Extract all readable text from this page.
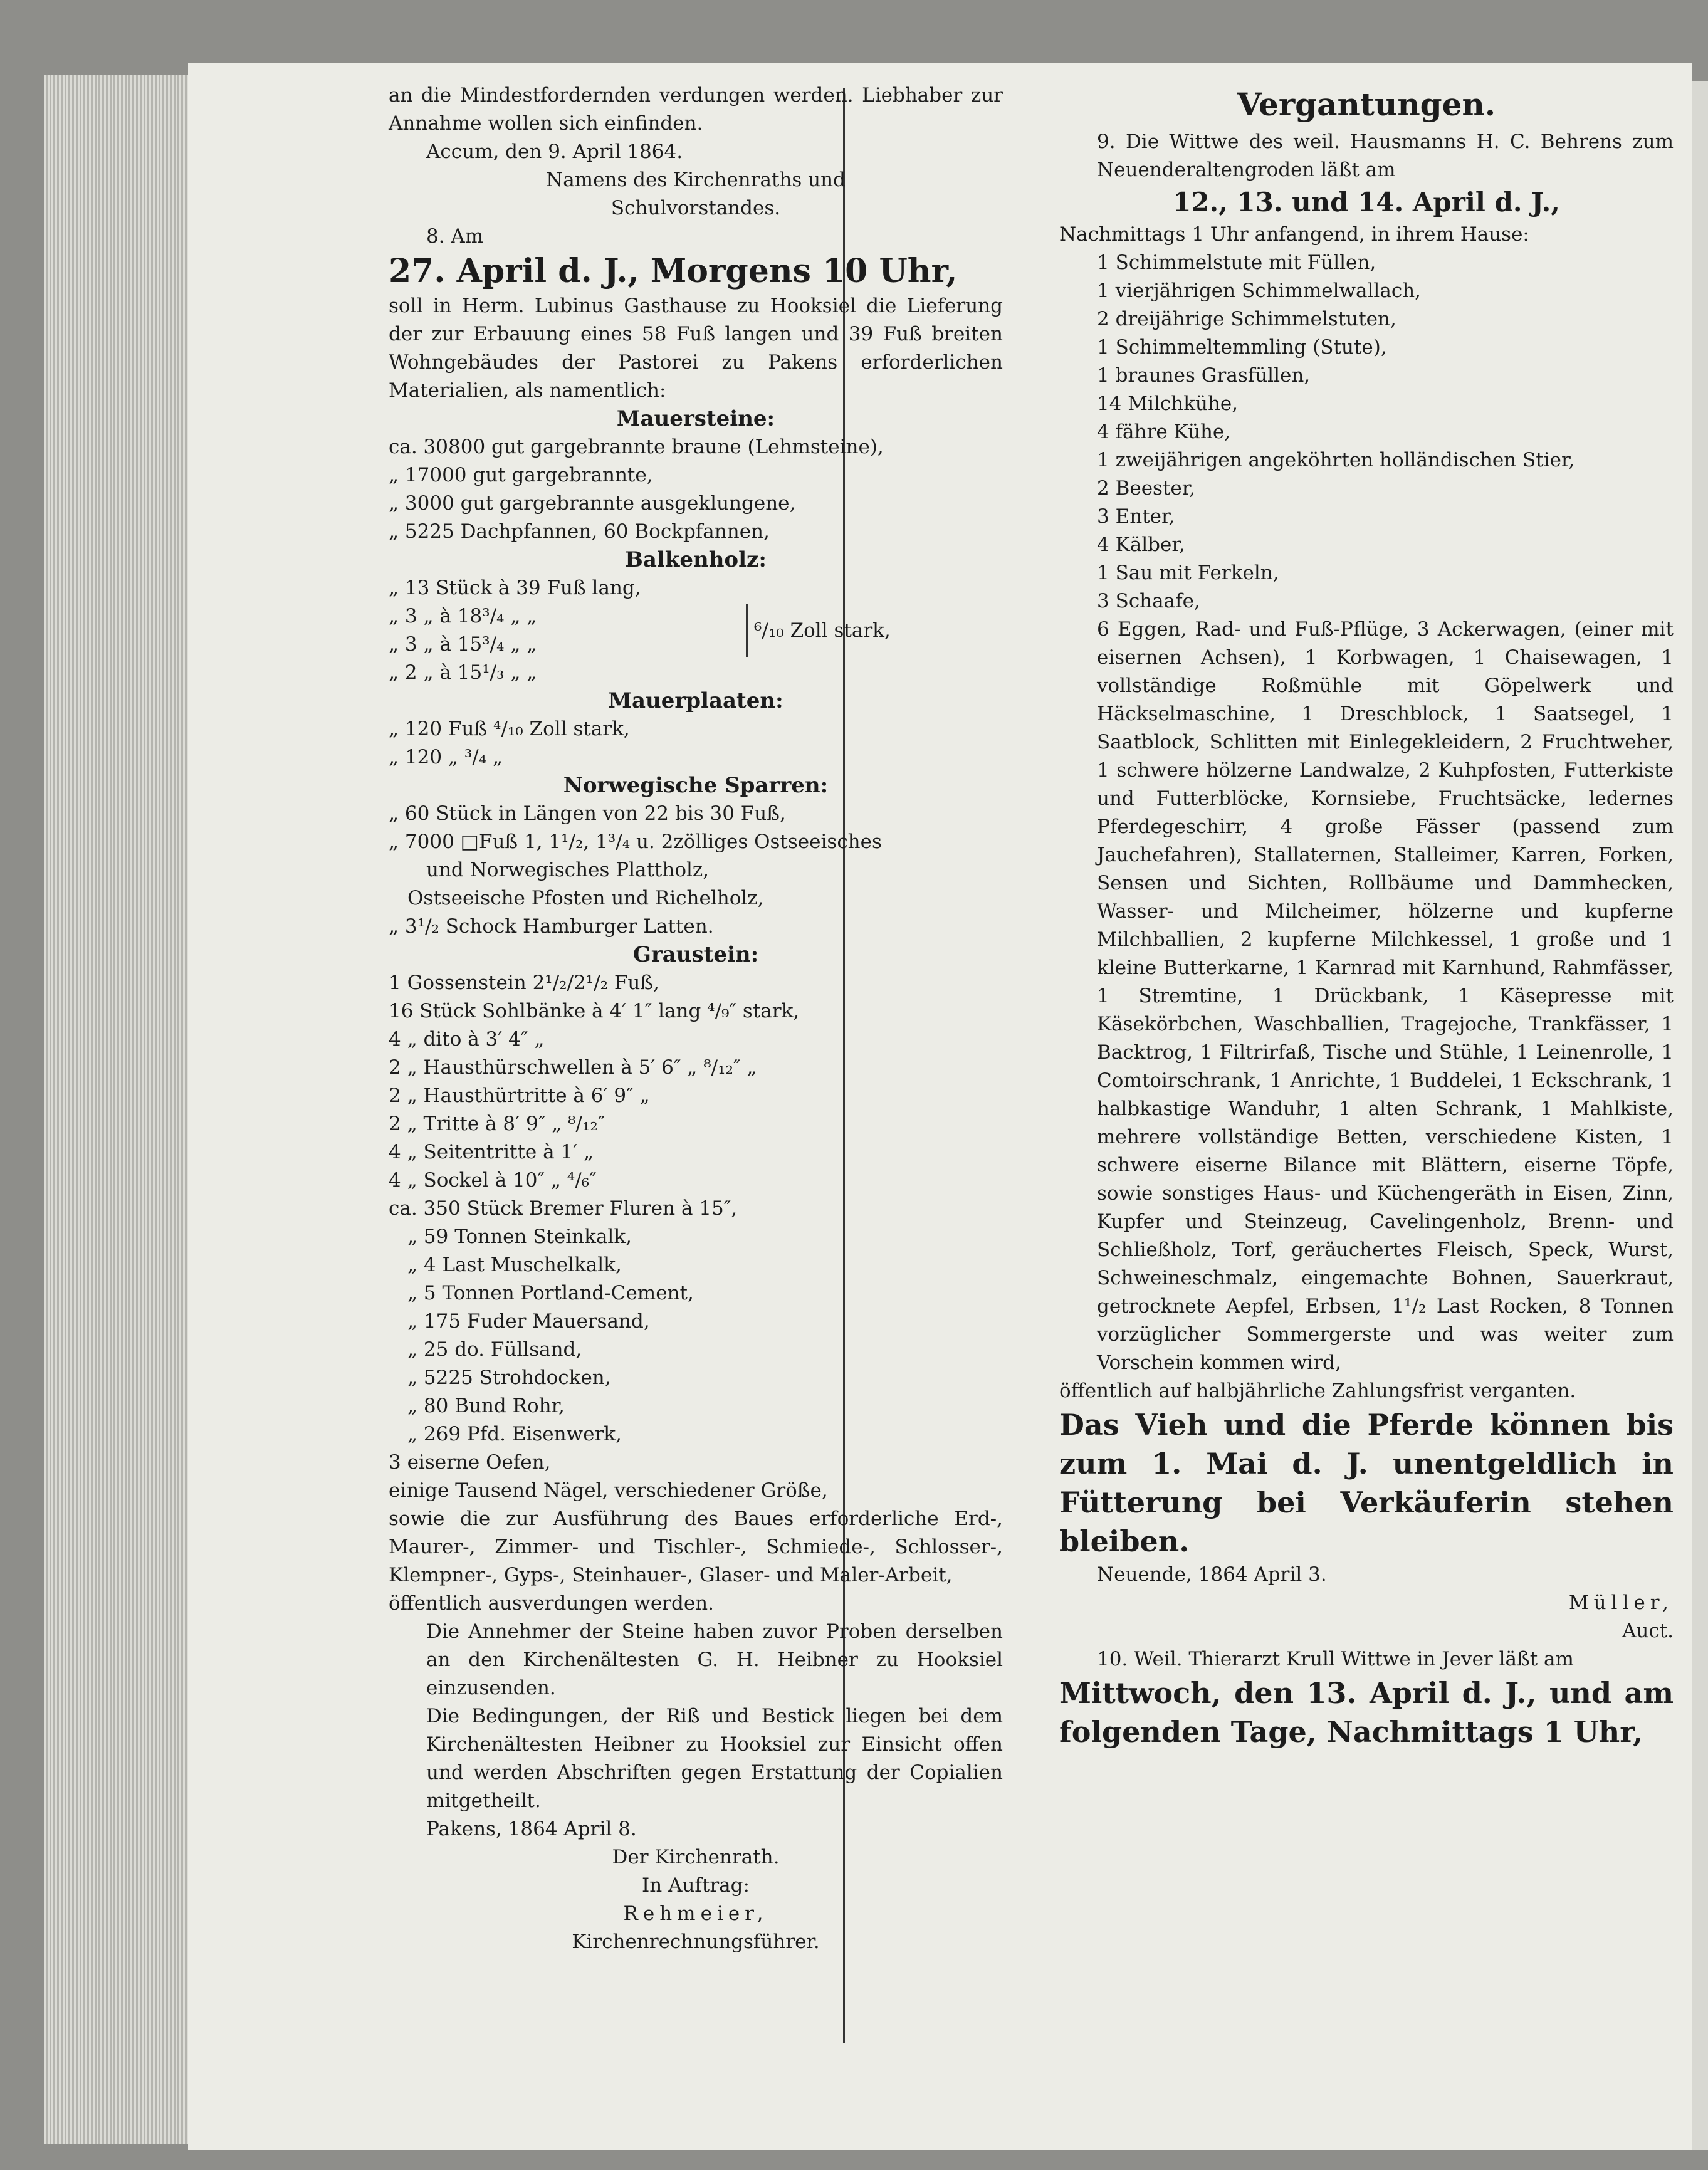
an die Mindestfordernden verdungen werden. Liebhaber zur Annahme wollen sich einfinden.

Accum, den 9. April 1864.

Namens des Kirchenraths und

Schulvorstandes.

8. Am

27. April d. J., Morgens 10 Uhr,

soll in Herm. Lubinus Gasthause zu Hooksiel die Lieferung der zur Erbauung eines 58 Fuß langen und 39 Fuß breiten Wohngebäudes der Pastorei zu Pakens erforderlichen Materialien, als namentlich:

Mauersteine:

ca. 30800 gut gargebrannte braune (Lehmsteine),

„ 17000 gut gargebrannte,

„ 3000 gut gargebrannte ausgeklungene,

„ 5225 Dachpfannen, 60 Bockpfannen,

Balkenholz:

„ 13 Stück à 39 Fuß lang,

„ 3 „ à 18³/₄ „ „

„ 3 „ à 15³/₄ „ „

„ 2 „ à 15¹/₃ „ „

⁶/₁₀ Zoll stark,

Mauerplaaten:

„ 120 Fuß ⁴/₁₀ Zoll stark,

„ 120 „ ³/₄ „

Norwegische Sparren:

„ 60 Stück in Längen von 22 bis 30 Fuß,

„ 7000 □Fuß 1, 1¹/₂, 1³/₄ u. 2zölliges Ostseeisches

und Norwegisches Plattholz,

Ostseeische Pfosten und Richelholz,

„ 3¹/₂ Schock Hamburger Latten.

Graustein:

1 Gossenstein 2¹/₂/2¹/₂ Fuß,

16 Stück Sohlbänke à 4′ 1″ lang ⁴/₉″ stark,

4 „ dito à 3′ 4″ „

2 „ Hausthürschwellen à 5′ 6″ „ ⁸/₁₂″ „

2 „ Hausthürtritte à 6′ 9″ „

2 „ Tritte à 8′ 9″ „ ⁸/₁₂″

4 „ Seitentritte à 1′ „

4 „ Sockel à 10″ „ ⁴/₆″

ca. 350 Stück Bremer Fluren à 15″,

„ 59 Tonnen Steinkalk,

„ 4 Last Muschelkalk,

„ 5 Tonnen Portland-Cement,

„ 175 Fuder Mauersand,

„ 25 do. Füllsand,

„ 5225 Strohdocken,

„ 80 Bund Rohr,

„ 269 Pfd. Eisenwerk,

3 eiserne Oefen,

einige Tausend Nägel, verschiedener Größe,

sowie die zur Ausführung des Baues erforderliche Erd-, Maurer-, Zimmer- und Tischler-, Schmiede-, Schlosser-, Klempner-, Gyps-, Steinhauer-, Glaser- und Maler-Arbeit,

öffentlich ausverdungen werden.

Die Annehmer der Steine haben zuvor Proben derselben an den Kirchenältesten G. H. Heibner zu Hooksiel einzusenden.

Die Bedingungen, der Riß und Bestick liegen bei dem Kirchenältesten Heibner zu Hooksiel zur Einsicht offen und werden Abschriften gegen Erstattung der Copialien mitgetheilt.

Pakens, 1864 April 8.

Der Kirchenrath.

In Auftrag:

Rehmeier,

Kirchenrechnungsführer.

Vergantungen.

9. Die Wittwe des weil. Hausmanns H. C. Behrens zum Neuenderaltengroden läßt am

12., 13. und 14. April d. J.,

Nachmittags 1 Uhr anfangend, in ihrem Hause:

1 Schimmelstute mit Füllen,

1 vierjährigen Schimmelwallach,

2 dreijährige Schimmelstuten,

1 Schimmeltemmling (Stute),

1 braunes Grasfüllen,

14 Milchkühe,

4 fähre Kühe,

1 zweijährigen angeköhrten holländischen Stier,

2 Beester,

3 Enter,

4 Kälber,

1 Sau mit Ferkeln,

3 Schaafe,

6 Eggen, Rad- und Fuß-Pflüge, 3 Ackerwagen, (einer mit eisernen Achsen), 1 Korbwagen, 1 Chaisewagen, 1 vollständige Roßmühle mit Göpelwerk und Häckselmaschine, 1 Dreschblock, 1 Saatsegel, 1 Saatblock, Schlitten mit Einlegekleidern, 2 Fruchtweher, 1 schwere hölzerne Landwalze, 2 Kuhpfosten, Futterkiste und Futterblöcke, Kornsiebe, Fruchtsäcke, ledernes Pferdegeschirr, 4 große Fässer (passend zum Jauchefahren), Stallaternen, Stalleimer, Karren, Forken, Sensen und Sichten, Rollbäume und Dammhecken, Wasser- und Milcheimer, hölzerne und kupferne Milchballien, 2 kupferne Milchkessel, 1 große und 1 kleine Butterkarne, 1 Karnrad mit Karnhund, Rahmfässer, 1 Stremtine, 1 Drückbank, 1 Käsepresse mit Käsekörbchen, Waschballien, Tragejoche, Trankfässer, 1 Backtrog, 1 Filtrirfaß, Tische und Stühle, 1 Leinenrolle, 1 Comtoirschrank, 1 Anrichte, 1 Buddelei, 1 Eckschrank, 1 halbkastige Wanduhr, 1 alten Schrank, 1 Mahlkiste, mehrere vollständige Betten, verschiedene Kisten, 1 schwere eiserne Bilance mit Blättern, eiserne Töpfe, sowie sonstiges Haus- und Küchengeräth in Eisen, Zinn, Kupfer und Steinzeug, Cavelingenholz, Brenn- und Schließholz, Torf, geräuchertes Fleisch, Speck, Wurst, Schweineschmalz, eingemachte Bohnen, Sauerkraut, getrocknete Aepfel, Erbsen, 1¹/₂ Last Rocken, 8 Tonnen vorzüglicher Sommergerste und was weiter zum Vorschein kommen wird,

öffentlich auf halbjährliche Zahlungsfrist verganten.

Das Vieh und die Pferde können bis zum 1. Mai d. J. unentgeldlich in Fütterung bei Verkäuferin stehen bleiben.

Neuende, 1864 April 3.

Müller,

Auct.

10. Weil. Thierarzt Krull Wittwe in Jever läßt am

Mittwoch, den 13. April d. J., und am folgenden Tage, Nachmittags 1 Uhr,
